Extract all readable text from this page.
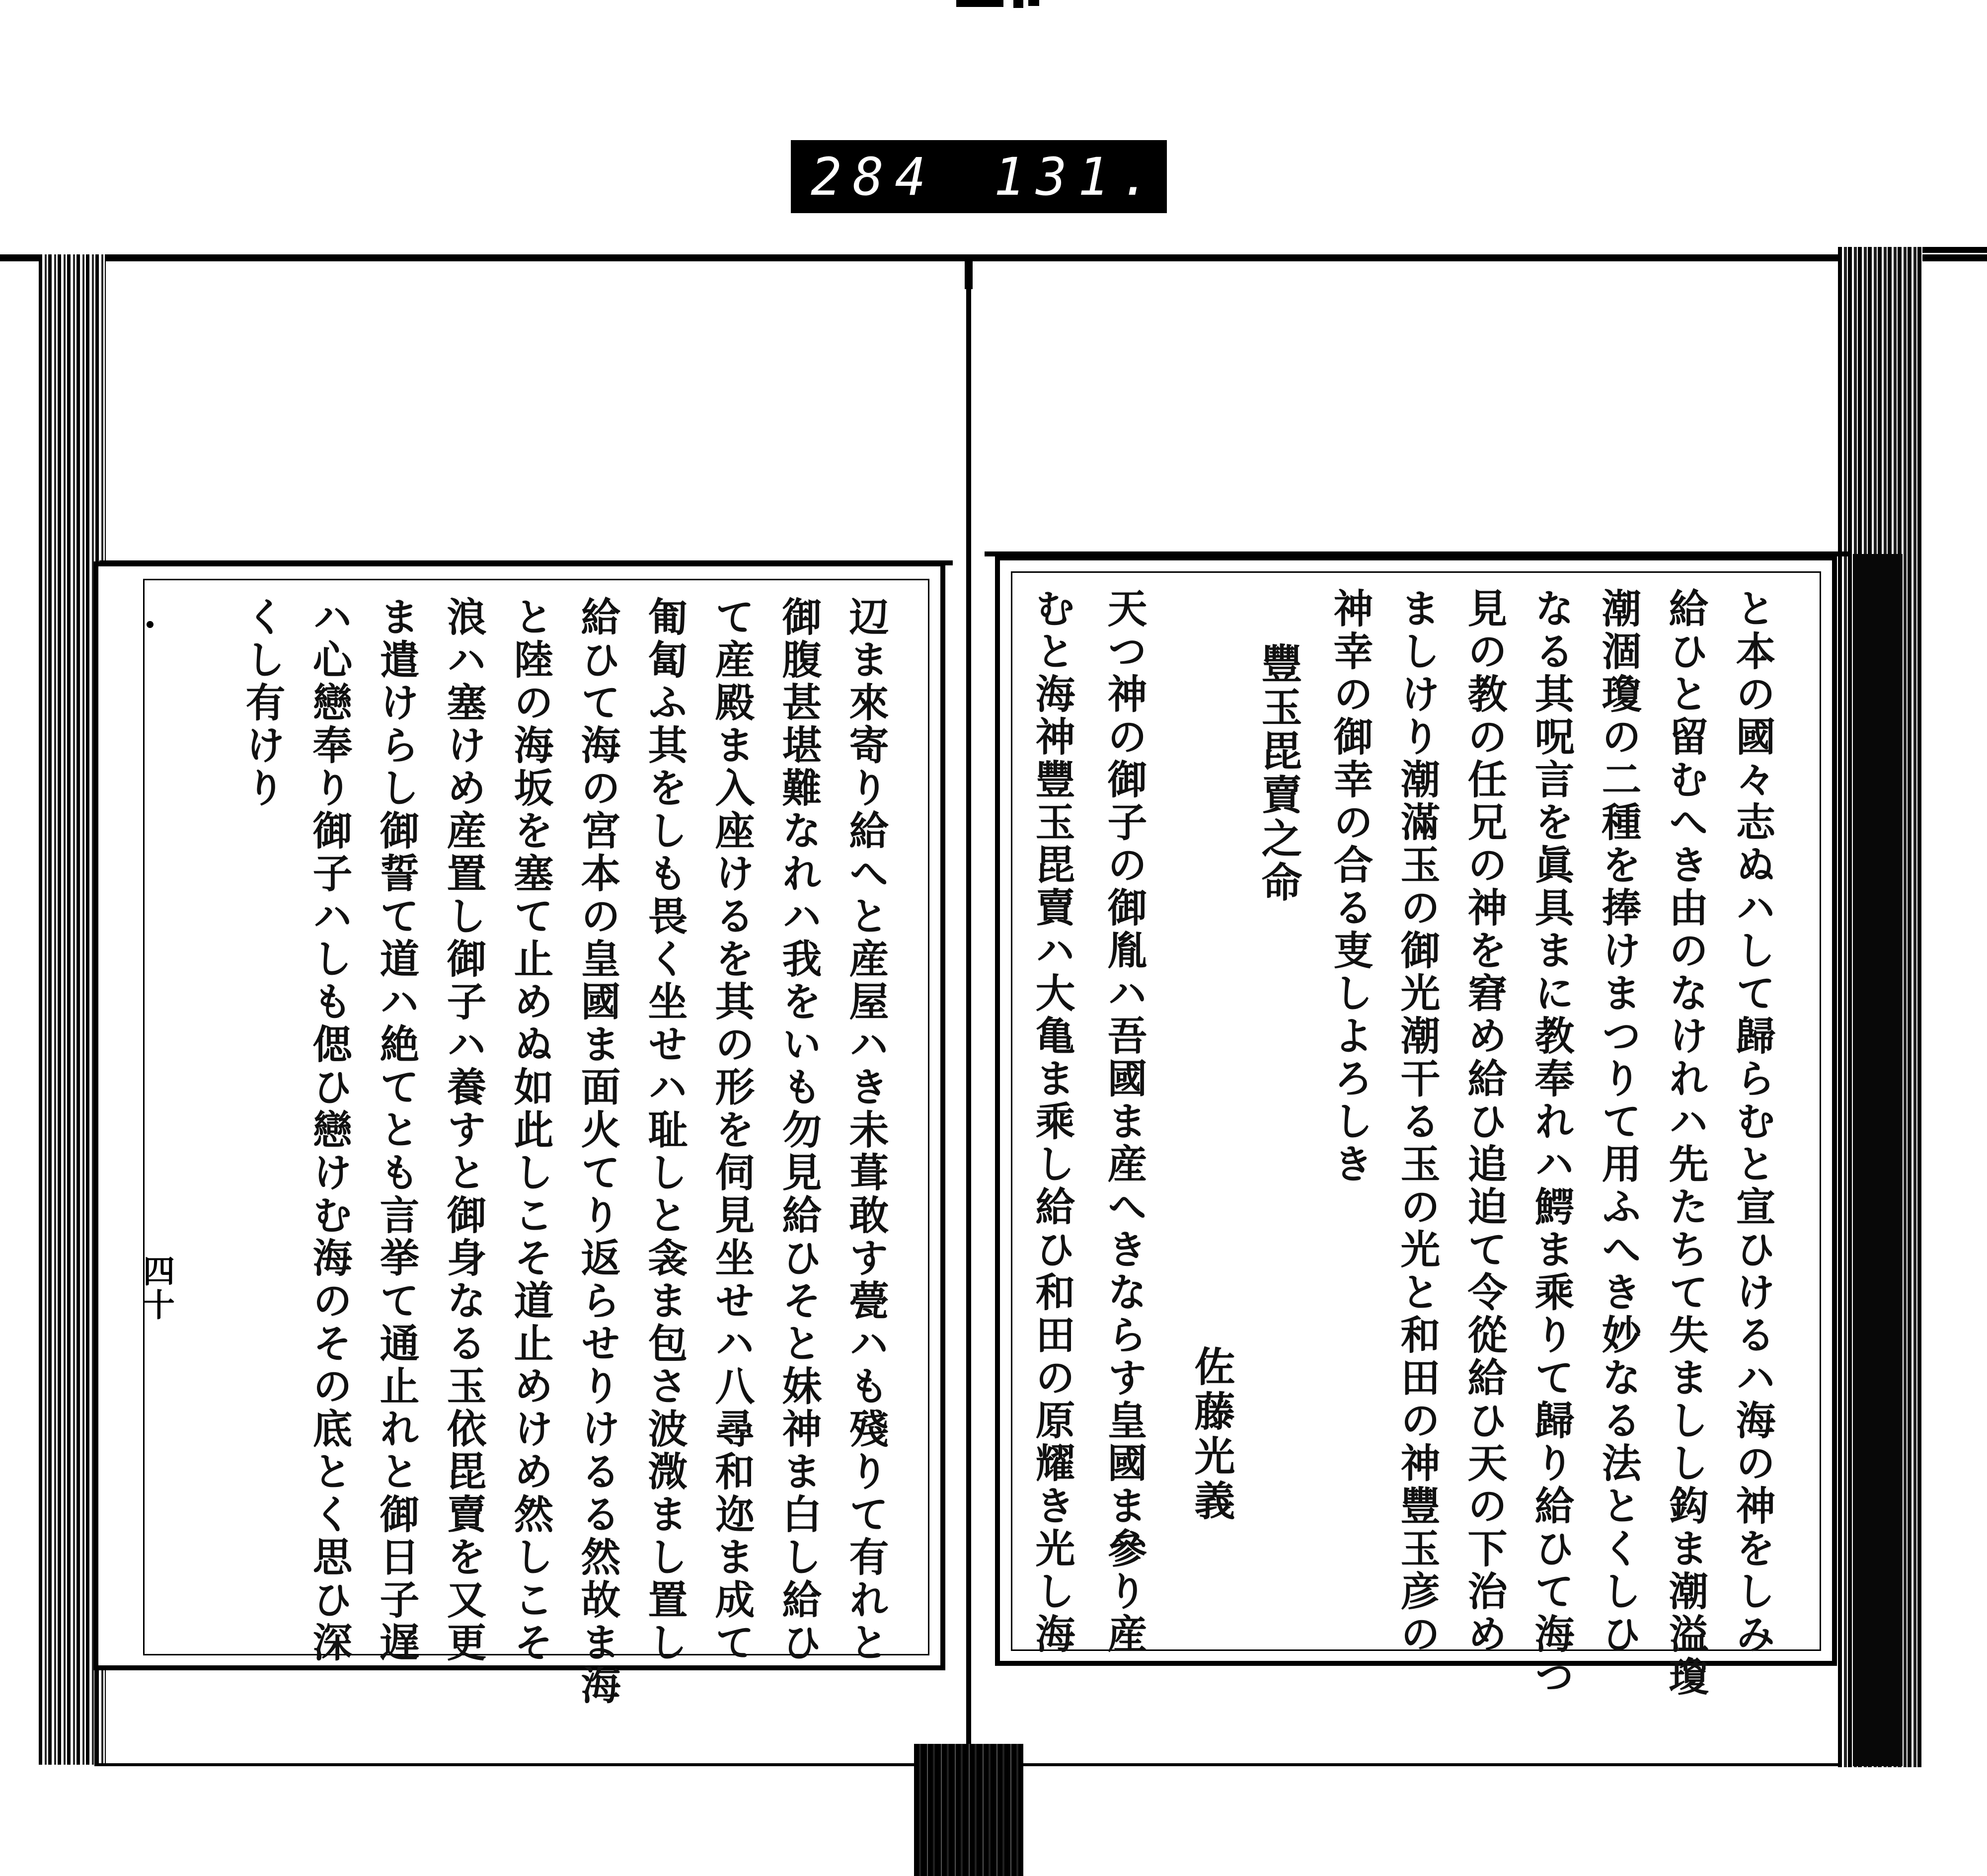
284 131.
と本の國々志ぬハして歸らむと宣ひけるハ海の神をしみ
給ひと留むへき由のなけれハ先たちて失ましし鈎ま潮溢瓊
潮涸瓊の二種を捧けまつりて用ふへき妙なる法とくしひ
なる其呪言を眞具まに教奉れハ鰐ま乘りて歸り給ひて海つ
見の教の任兄の神を窘め給ひ追迫て令從給ひ天の下治め
ましけり潮滿玉の御光潮干る玉の光と和田の神豐玉彦の
神幸の御幸の合る叓しよろしき
豐玉毘賣之命
佐藤光義
天つ神の御子の御胤ハ吾國ま産へきならす皇國ま參り産
むと海神豐玉毘賣ハ大亀ま乘し給ひ和田の原耀き光し海
辺ま來寄り給へと産屋ハき未葺敢す甍ハも殘りて有れと
御腹甚堪難なれハ我をいも勿見給ひそと妹神ま白し給ひ
て産殿ま入座けるを其の形を伺見坐せハ八尋和迩ま成て
匍匐ふ其をしも畏く坐せハ耻しと衾ま包さ波溦まし置し
給ひて海の宮本の皇國ま面火てり返らせりけるる然故ま海
と陸の海坂を塞て止めぬ如此しこそ道止めけめ然しこそ
浪ハ塞けめ産置し御子ハ養すと御身なる玉依毘賣を又更
ま遣けらし御誓て道ハ絶てとも言挙て通止れと御日子遅
ハ心戀奉り御子ハしも偲ひ戀けむ海のその底とく思ひ深
くし有けり
四十
